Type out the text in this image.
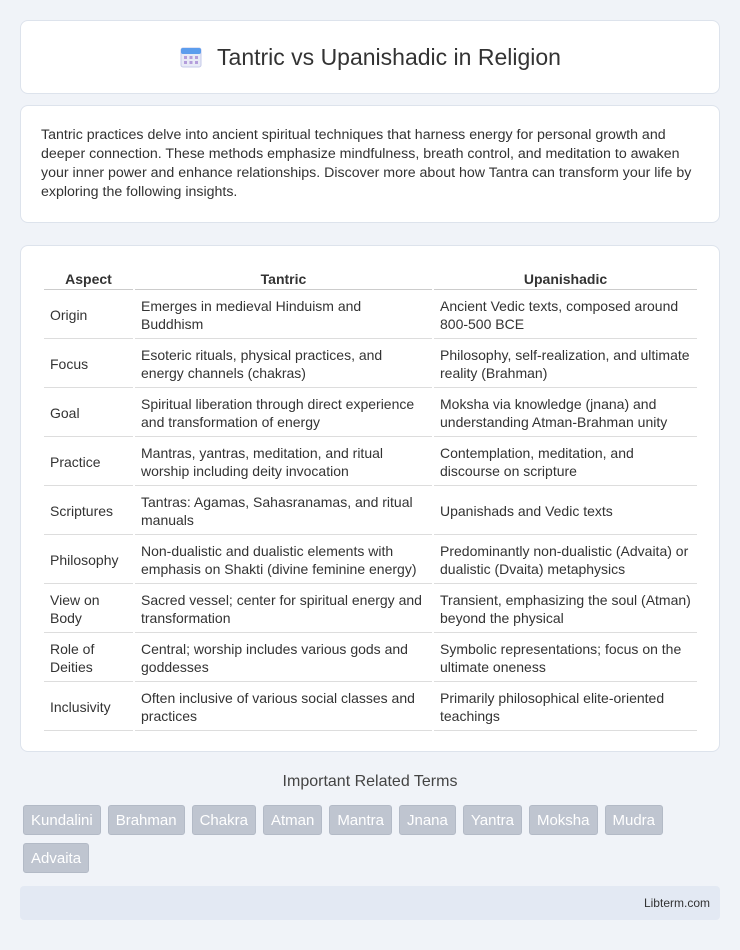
Tantric vs Upanishadic in Religion

Tantric practices delve into ancient spiritual techniques that harness energy for personal growth and deeper connection. These methods emphasize mindfulness, breath control, and meditation to awaken your inner power and enhance relationships. Discover more about how Tantra can transform your life by exploring the following insights.

Aspect	Tantric	Upanishadic
Origin	Emerges in medieval Hinduism and Buddhism	Ancient Vedic texts, composed around 800-500 BCE
Focus	Esoteric rituals, physical practices, and energy channels (chakras)	Philosophy, self-realization, and ultimate reality (Brahman)
Goal	Spiritual liberation through direct experience and transformation of energy	Moksha via knowledge (jnana) and understanding Atman-Brahman unity
Practice	Mantras, yantras, meditation, and ritual worship including deity invocation	Contemplation, meditation, and discourse on scripture
Scriptures	Tantras: Agamas, Sahasranamas, and ritual manuals	Upanishads and Vedic texts
Philosophy	Non-dualistic and dualistic elements with emphasis on Shakti (divine feminine energy)	Predominantly non-dualistic (Advaita) or dualistic (Dvaita) metaphysics
View on Body	Sacred vessel; center for spiritual energy and transformation	Transient, emphasizing the soul (Atman) beyond the physical
Role of Deities	Central; worship includes various gods and goddesses	Symbolic representations; focus on the ultimate oneness
Inclusivity	Often inclusive of various social classes and practices	Primarily philosophical elite-oriented teachings
Important Related Terms
Kundalini	Brahman	Chakra	Atman	Mantra	Jnana	Yantra	Moksha	Mudra
Advaita
Libterm.com
